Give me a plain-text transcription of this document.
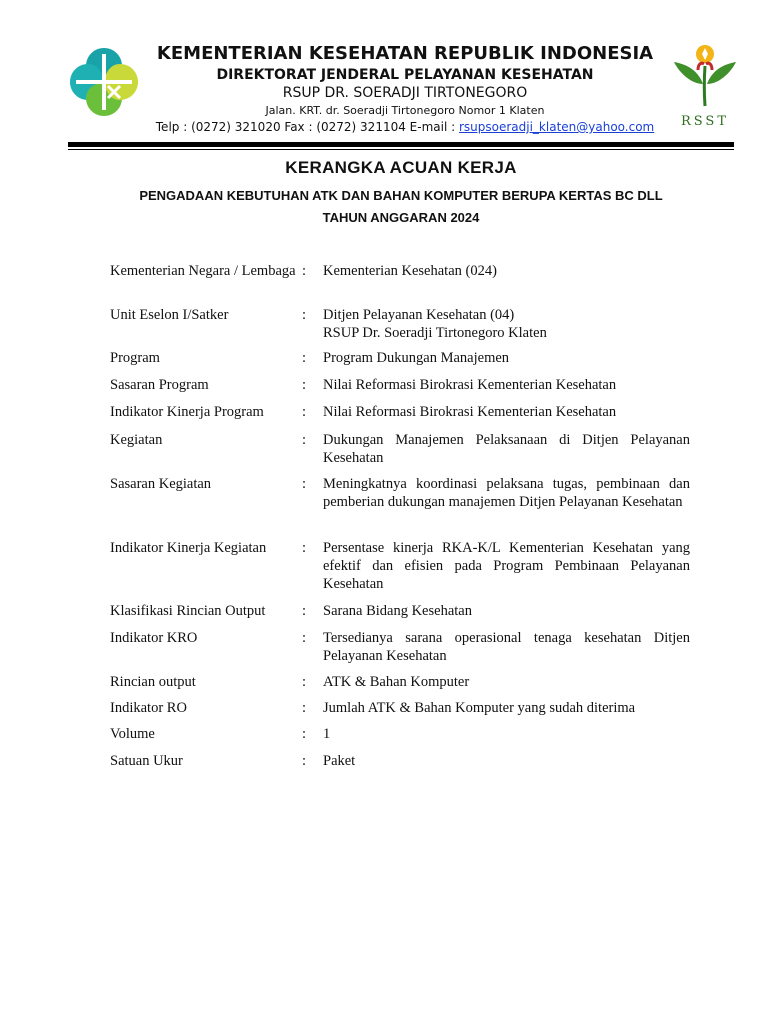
KEMENTERIAN KESEHATAN REPUBLIK INDONESIA
DIREKTORAT JENDERAL PELAYANAN KESEHATAN
RSUP DR. SOERADJI TIRTONEGORO
Jalan. KRT. dr. Soeradji Tirtonegoro Nomor 1 Klaten
Telp : (0272) 321020 Fax : (0272) 321104 E-mail : rsupsoeradji_klaten@yahoo.com	RSST
KERANGKA ACUAN KERJA
PENGADAAN KEBUTUHAN ATK DAN BAHAN KOMPUTER BERUPA KERTAS BC DLL
TAHUN ANGGARAN 2024
Kementerian Negara / Lembaga :	Kementerian Kesehatan (024)
Unit Eselon I/Satker	:	Ditjen Pelayanan Kesehatan (04)
RSUP Dr. Soeradji Tirtonegoro Klaten
Program	:	Program Dukungan Manajemen
Sasaran Program	:	Nilai Reformasi Birokrasi Kementerian Kesehatan
Indikator Kinerja Program	:	Nilai Reformasi Birokrasi Kementerian Kesehatan
Kegiatan	:	Dukungan Manajemen Pelaksanaan di Ditjen Pelayanan Kesehatan
Sasaran Kegiatan	:	Meningkatnya koordinasi pelaksana tugas, pembinaan dan pemberian dukungan manajemen Ditjen Pelayanan Kesehatan
Indikator Kinerja Kegiatan	:	Persentase kinerja RKA-K/L Kementerian Kesehatan yang efektif dan efisien pada Program Pembinaan Pelayanan Kesehatan
Klasifikasi Rincian Output	:	Sarana Bidang Kesehatan
Indikator KRO	:	Tersedianya sarana operasional tenaga kesehatan Ditjen Pelayanan Kesehatan
Rincian output	:	ATK & Bahan Komputer
Indikator RO	:	Jumlah ATK & Bahan Komputer yang sudah diterima
Volume	:	1
Satuan Ukur	:	Paket
